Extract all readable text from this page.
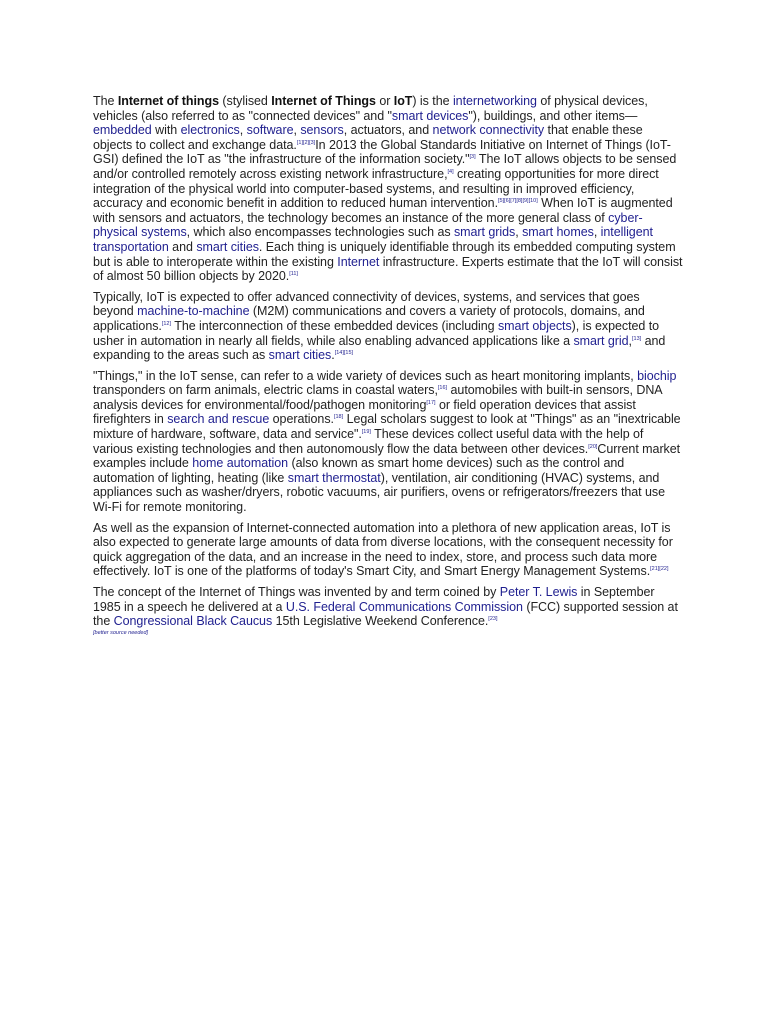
The Internet of things (stylised Internet of Things or IoT) is the internetworking of physical devices, vehicles (also referred to as "connected devices" and "smart devices"), buildings, and other items—embedded with electronics, software, sensors, actuators, and network connectivity that enable these objects to collect and exchange data.[1][2][3]In 2013 the Global Standards Initiative on Internet of Things (IoT-GSI) defined the IoT as "the infrastructure of the information society."[3] The IoT allows objects to be sensed and/or controlled remotely across existing network infrastructure,[4] creating opportunities for more direct integration of the physical world into computer-based systems, and resulting in improved efficiency, accuracy and economic benefit in addition to reduced human intervention.[5][6][7][8][9][10] When IoT is augmented with sensors and actuators, the technology becomes an instance of the more general class of cyber-physical systems, which also encompasses technologies such as smart grids, smart homes, intelligent transportation and smart cities. Each thing is uniquely identifiable through its embedded computing system but is able to interoperate within the existing Internet infrastructure. Experts estimate that the IoT will consist of almost 50 billion objects by 2020.[11]

Typically, IoT is expected to offer advanced connectivity of devices, systems, and services that goes beyond machine-to-machine (M2M) communications and covers a variety of protocols, domains, and applications.[12] The interconnection of these embedded devices (including smart objects), is expected to usher in automation in nearly all fields, while also enabling advanced applications like a smart grid,[13] and expanding to the areas such as smart cities.[14][15]

"Things," in the IoT sense, can refer to a wide variety of devices such as heart monitoring implants, biochip transponders on farm animals, electric clams in coastal waters,[16] automobiles with built-in sensors, DNA analysis devices for environmental/food/pathogen monitoring[17] or field operation devices that assist firefighters in search and rescue operations.[18] Legal scholars suggest to look at "Things" as an "inextricable mixture of hardware, software, data and service".[19] These devices collect useful data with the help of various existing technologies and then autonomously flow the data between other devices.[20]Current market examples include home automation (also known as smart home devices) such as the control and automation of lighting, heating (like smart thermostat), ventilation, air conditioning (HVAC) systems, and appliances such as washer/dryers, robotic vacuums, air purifiers, ovens or refrigerators/freezers that use Wi-Fi for remote monitoring.

As well as the expansion of Internet-connected automation into a plethora of new application areas, IoT is also expected to generate large amounts of data from diverse locations, with the consequent necessity for quick aggregation of the data, and an increase in the need to index, store, and process such data more effectively. IoT is one of the platforms of today's Smart City, and Smart Energy Management Systems.[21][22]

The concept of the Internet of Things was invented by and term coined by Peter T. Lewis in September 1985 in a speech he delivered at a U.S. Federal Communications Commission (FCC) supported session at the Congressional Black Caucus 15th Legislative Weekend Conference.[23]

[better source needed]
